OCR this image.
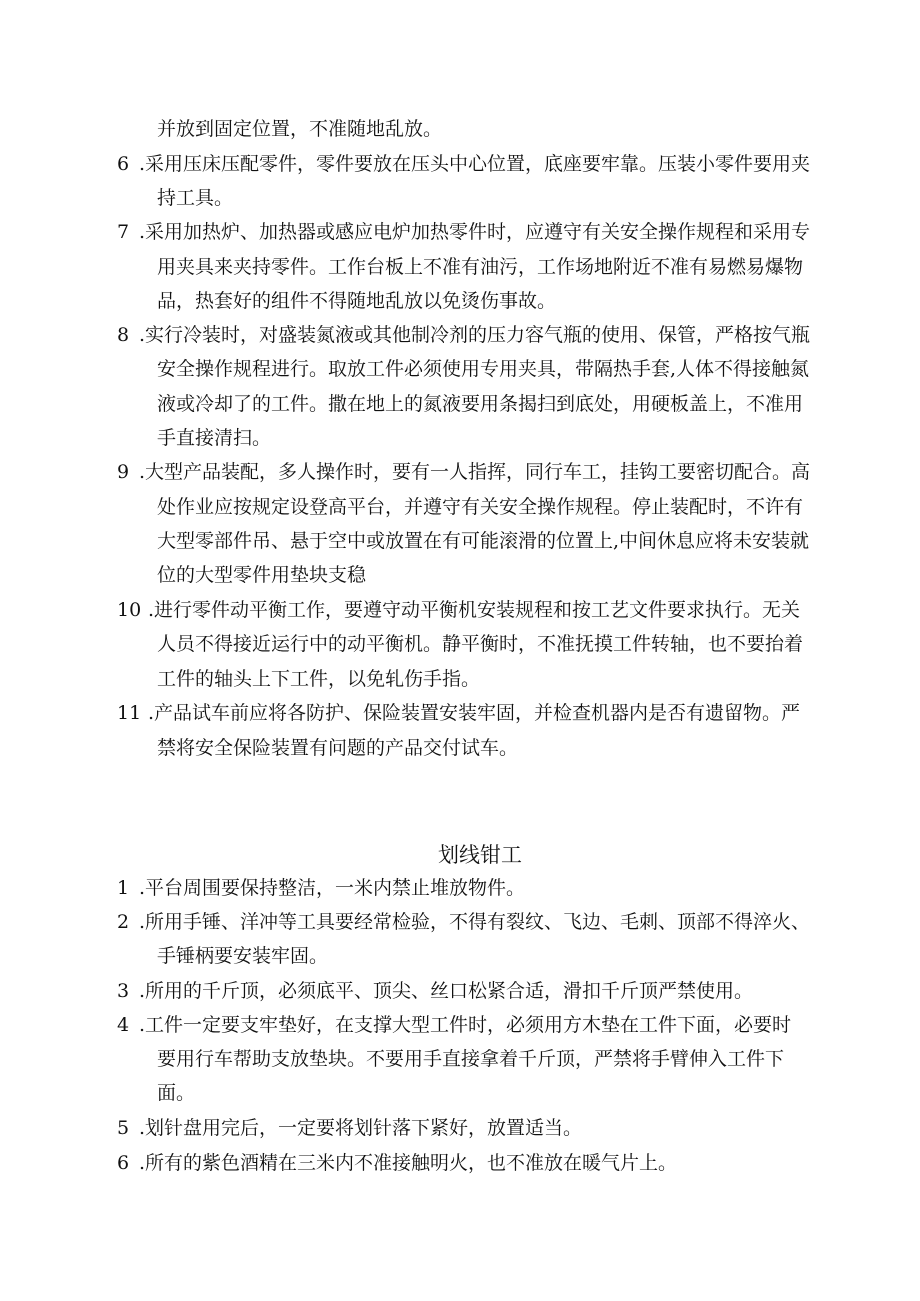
并放到固定位置，不准随地乱放。
6 .采用压床压配零件，零件要放在压头中心位置，底座要牢靠。压装小零件要用夹
持工具。
7 .采用加热炉、加热器或感应电炉加热零件时，应遵守有关安全操作规程和采用专
用夹具来夹持零件。工作台板上不准有油污，工作场地附近不准有易燃易爆物
品，热套好的组件不得随地乱放以免烫伤事故。
8 .实行冷装时，对盛装氮液或其他制冷剂的压力容气瓶的使用、保管，严格按气瓶
安全操作规程进行。取放工件必须使用专用夹具，带隔热手套,人体不得接触氮
液或冷却了的工件。撒在地上的氮液要用条揭扫到底处，用硬板盖上，不准用
手直接清扫。
9 .大型产品装配，多人操作时，要有一人指挥，同行车工，挂钩工要密切配合。高
处作业应按规定设登高平台，并遵守有关安全操作规程。停止装配时，不许有
大型零部件吊、悬于空中或放置在有可能滚滑的位置上,中间休息应将未安装就
位的大型零件用垫块支稳
10 .进行零件动平衡工作，要遵守动平衡机安装规程和按工艺文件要求执行。无关
人员不得接近运行中的动平衡机。静平衡时，不准抚摸工件转轴，也不要抬着
工件的轴头上下工件，以免轧伤手指。
11 .产品试车前应将各防护、保险装置安装牢固，并检查机器内是否有遗留物。严
禁将安全保险装置有问题的产品交付试车。
划线钳工
1 .平台周围要保持整洁，一米内禁止堆放物件。
2 .所用手锤、洋冲等工具要经常检验，不得有裂纹、飞边、毛刺、顶部不得淬火、
手锤柄要安装牢固。
3 .所用的千斤顶，必须底平、顶尖、丝口松紧合适，滑扣千斤顶严禁使用。
4 .工件一定要支牢垫好，在支撑大型工件时，必须用方木垫在工件下面，必要时
要用行车帮助支放垫块。不要用手直接拿着千斤顶，严禁将手臂伸入工件下
面。
5 .划针盘用完后，一定要将划针落下紧好，放置适当。
6 .所有的紫色酒精在三米内不准接触明火，也不准放在暖气片上。
